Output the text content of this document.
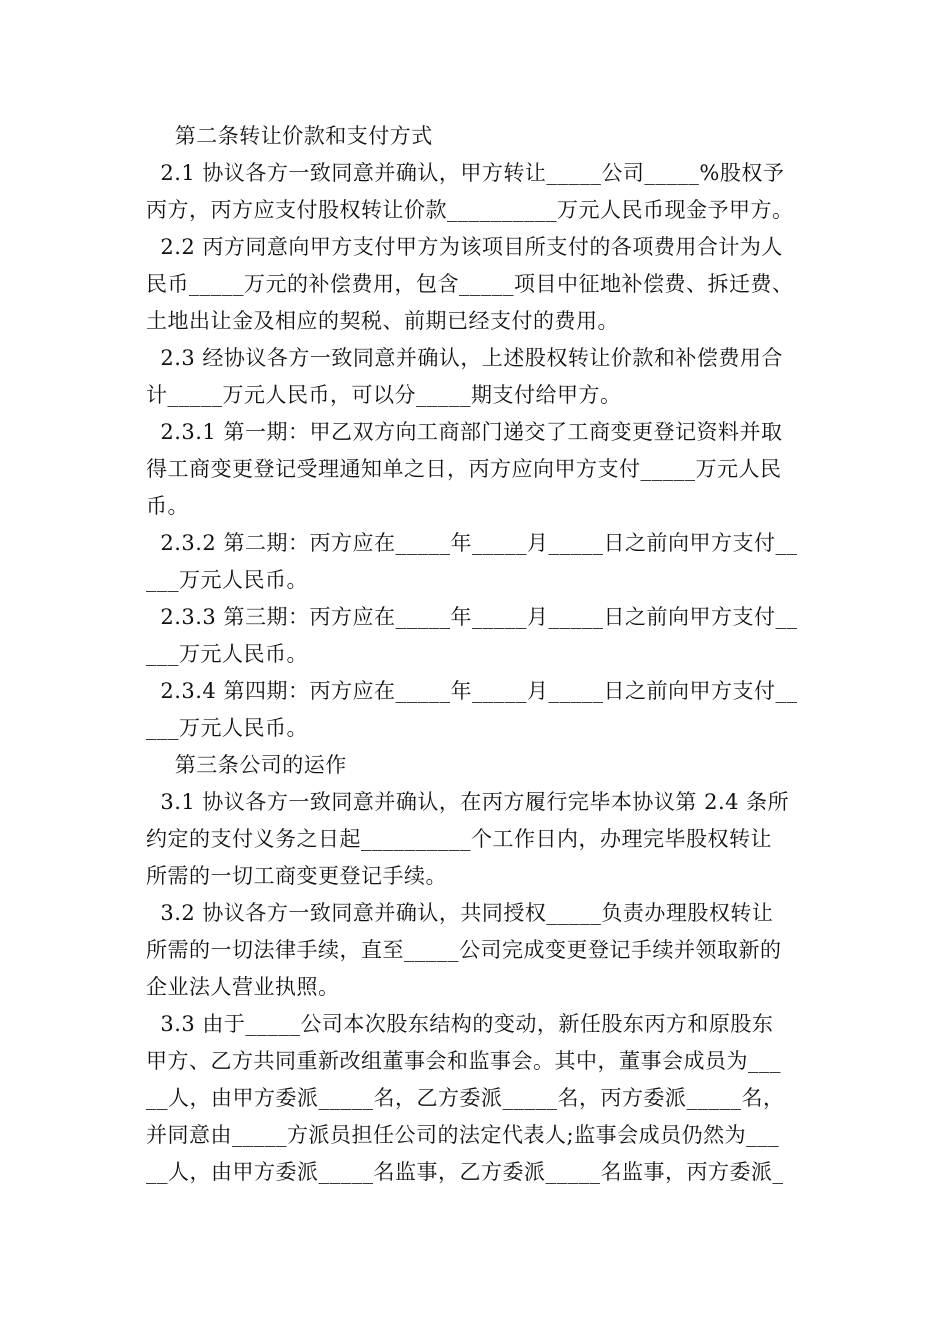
第二条转让价款和支付方式
2.1 协议各方一致同意并确认，甲方转让_____公司_____%股权予
丙方，丙方应支付股权转让价款__________万元人民币现金予甲方。
2.2 丙方同意向甲方支付甲方为该项目所支付的各项费用合计为人
民币_____万元的补偿费用，包含_____项目中征地补偿费、拆迁费、
土地出让金及相应的契税、前期已经支付的费用。
2.3 经协议各方一致同意并确认，上述股权转让价款和补偿费用合
计_____万元人民币，可以分_____期支付给甲方。
2.3.1 第一期：甲乙双方向工商部门递交了工商变更登记资料并取
得工商变更登记受理通知单之日，丙方应向甲方支付_____万元人民
币。
2.3.2 第二期：丙方应在_____年_____月_____日之前向甲方支付__
___万元人民币。
2.3.3 第三期：丙方应在_____年_____月_____日之前向甲方支付__
___万元人民币。
2.3.4 第四期：丙方应在_____年_____月_____日之前向甲方支付__
___万元人民币。
第三条公司的运作
3.1 协议各方一致同意并确认，在丙方履行完毕本协议第 2.4 条所
约定的支付义务之日起__________个工作日内，办理完毕股权转让
所需的一切工商变更登记手续。
3.2 协议各方一致同意并确认，共同授权_____负责办理股权转让
所需的一切法律手续，直至_____公司完成变更登记手续并领取新的
企业法人营业执照。
3.3 由于_____公司本次股东结构的变动，新任股东丙方和原股东
甲方、乙方共同重新改组董事会和监事会。其中，董事会成员为___
__人，由甲方委派_____名，乙方委派_____名，丙方委派_____名，
并同意由_____方派员担任公司的法定代表人;监事会成员仍然为___
__人，由甲方委派_____名监事，乙方委派_____名监事，丙方委派_
